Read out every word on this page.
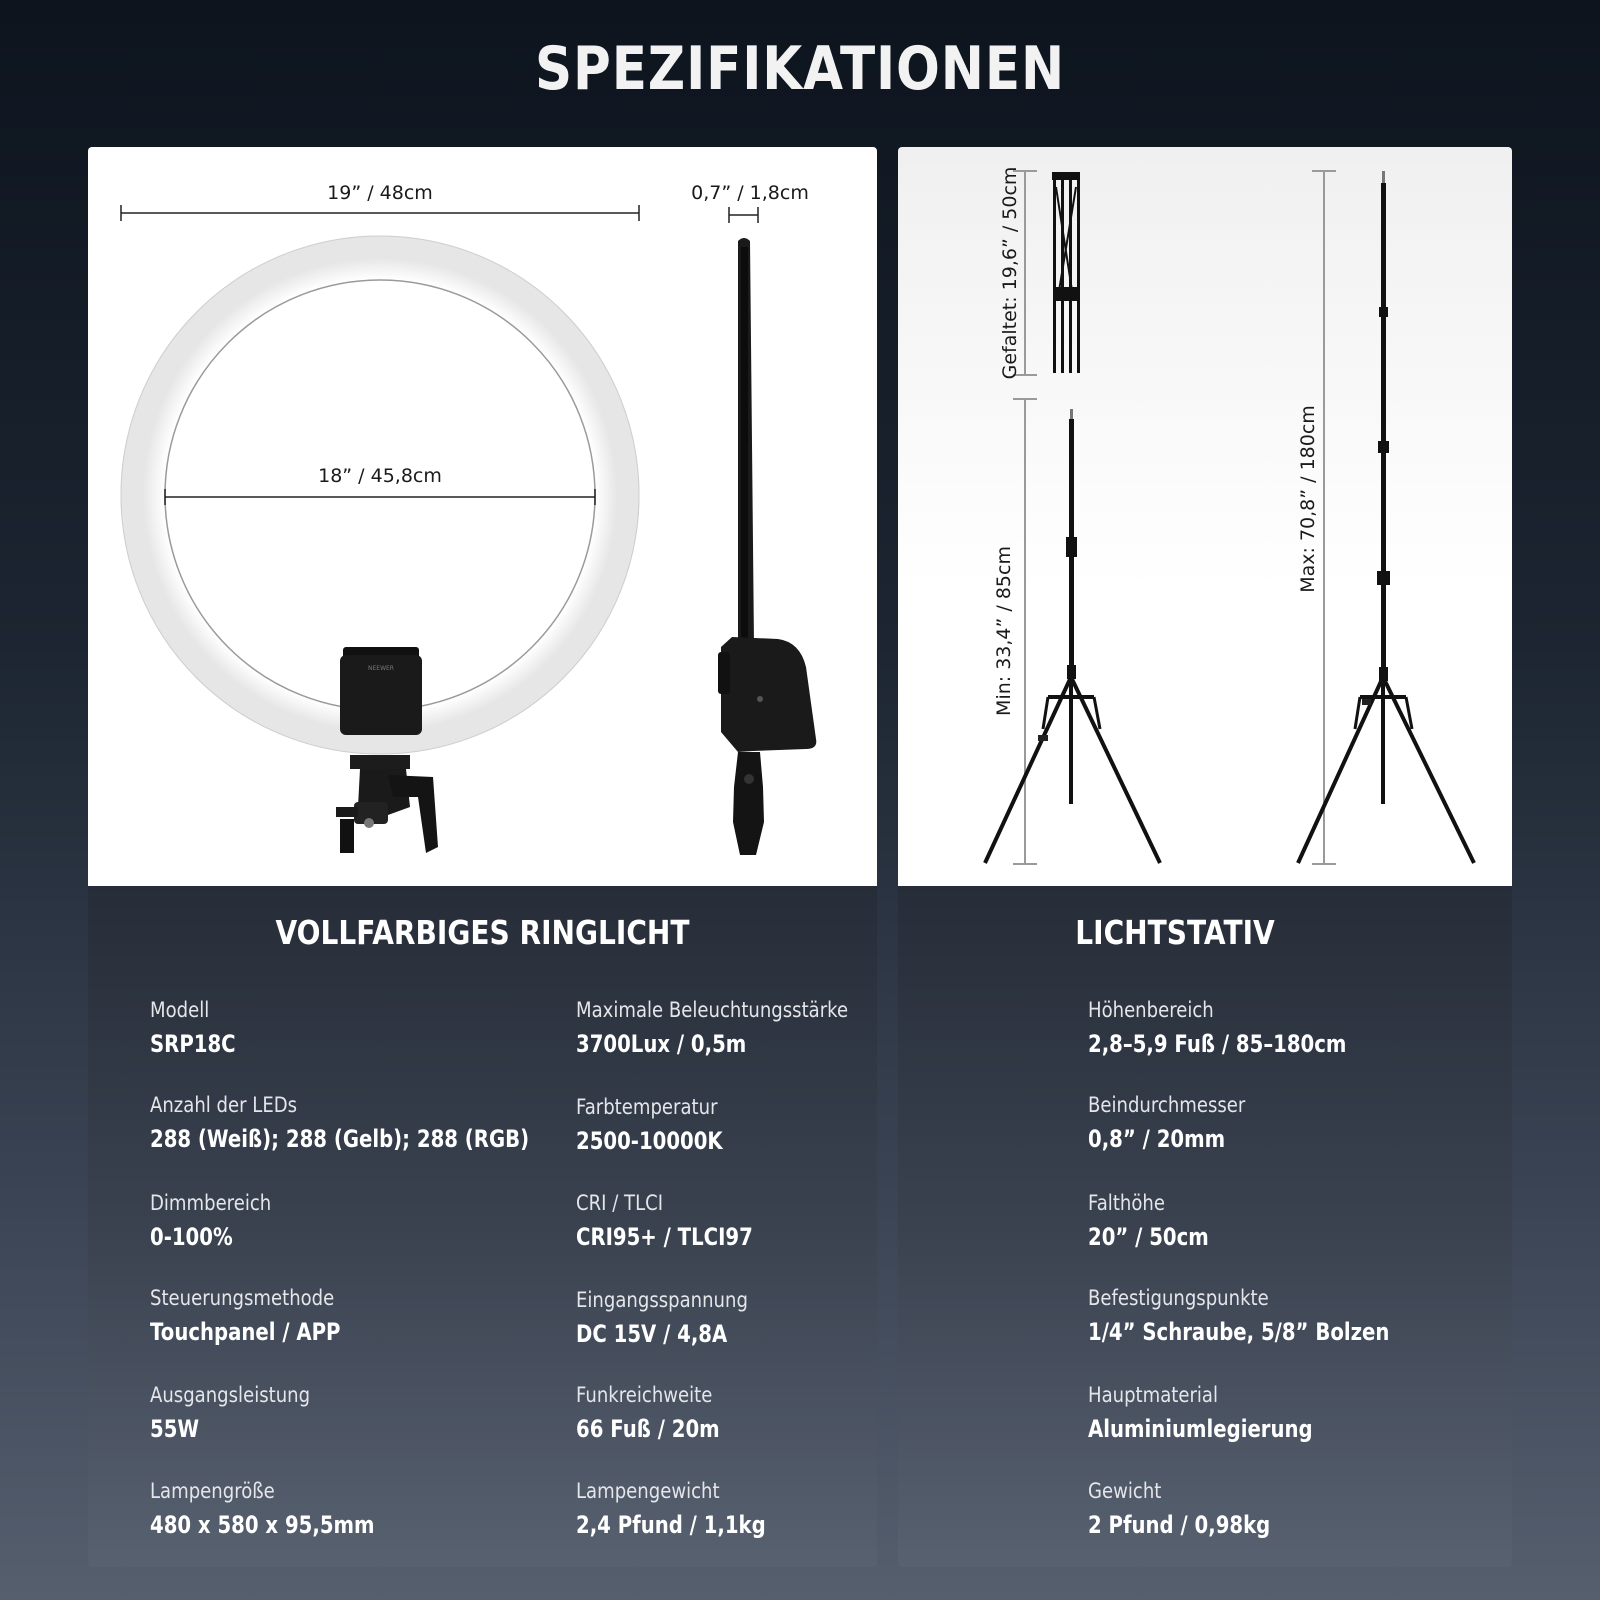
SPEZIFIKATIONEN
19” / 48cm
18” / 45,8cm
NEEWER
0,7” / 1,8cm
VOLLFARBIGES RINGLICHT
Modell
SRP18C
Anzahl der LEDs
288 (Weiß); 288 (Gelb); 288 (RGB)
Dimmbereich
0-100%
Steuerungsmethode
Touchpanel / APP
Ausgangsleistung
55W
Lampengröße
480 x 580 x 95,5mm
Maximale Beleuchtungsstärke
3700Lux / 0,5m
Farbtemperatur
2500-10000K
CRI / TLCI
CRI95+ / TLCI97
Eingangsspannung
DC 15V / 4,8A
Funkreichweite
66 Fuß / 20m
Lampengewicht
2,4 Pfund / 1,1kg
Gefaltet: 19,6” / 50cm
Min: 33,4” / 85cm
Max: 70,8” / 180cm
LICHTSTATIV
Höhenbereich
2,8–5,9 Fuß / 85–180cm
Beindurchmesser
0,8” / 20mm
Falthöhe
20” / 50cm
Befestigungspunkte
1/4” Schraube, 5/8” Bolzen
Hauptmaterial
Aluminiumlegierung
Gewicht
2 Pfund / 0,98kg
